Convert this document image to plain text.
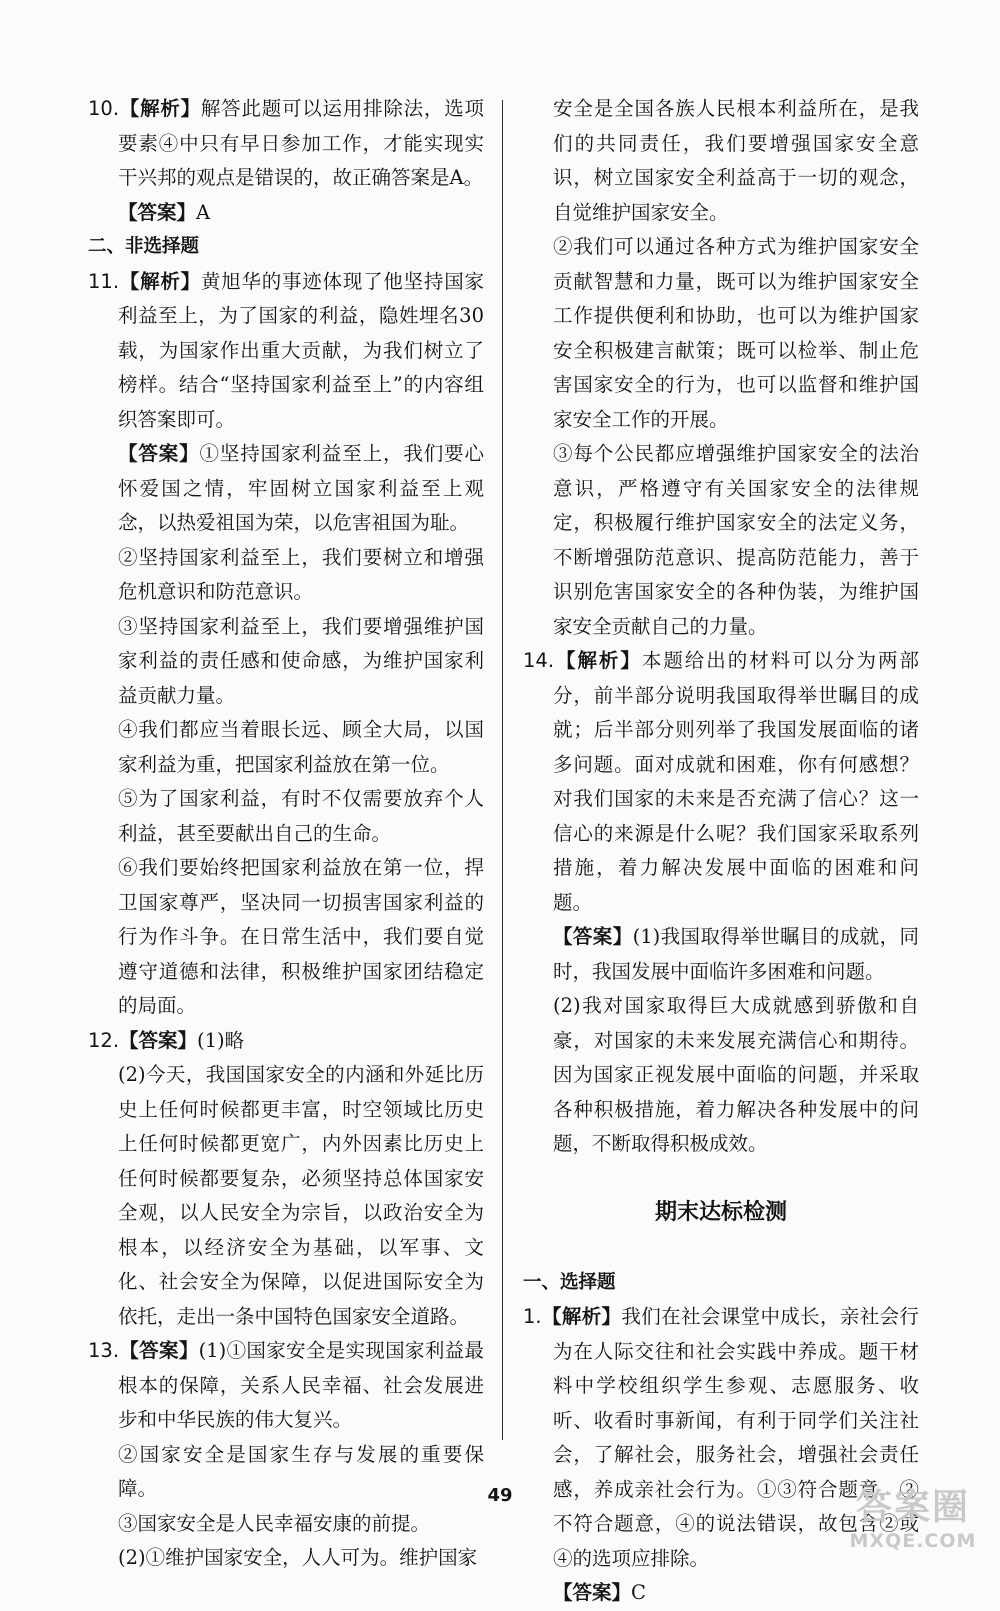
10.【解析】解答此题可以运用排除法，选项要素④中只有早日参加工作，才能实现实干兴邦的观点是错误的，故正确答案是A。

【答案】A

二、非选择题

11.【解析】黄旭华的事迹体现了他坚持国家利益至上，为了国家的利益，隐姓埋名30载，为国家作出重大贡献，为我们树立了榜样。结合“坚持国家利益至上”的内容组织答案即可。

【答案】①坚持国家利益至上，我们要心怀爱国之情，牢固树立国家利益至上观念，以热爱祖国为荣，以危害祖国为耻。

②坚持国家利益至上，我们要树立和增强危机意识和防范意识。

③坚持国家利益至上，我们要增强维护国家利益的责任感和使命感，为维护国家利益贡献力量。

④我们都应当着眼长远、顾全大局，以国家利益为重，把国家利益放在第一位。

⑤为了国家利益，有时不仅需要放弃个人利益，甚至要献出自己的生命。

⑥我们要始终把国家利益放在第一位，捍卫国家尊严，坚决同一切损害国家利益的行为作斗争。在日常生活中，我们要自觉遵守道德和法律，积极维护国家团结稳定的局面。

12.【答案】(1)略

(2)今天，我国国家安全的内涵和外延比历史上任何时候都更丰富，时空领域比历史上任何时候都更宽广，内外因素比历史上任何时候都要复杂，必须坚持总体国家安全观，以人民安全为宗旨，以政治安全为根本，以经济安全为基础，以军事、文化、社会安全为保障，以促进国际安全为依托，走出一条中国特色国家安全道路。

13.【答案】(1)①国家安全是实现国家利益最根本的保障，关系人民幸福、社会发展进步和中华民族的伟大复兴。

②国家安全是国家生存与发展的重要保障。

③国家安全是人民幸福安康的前提。

(2)①维护国家安全，人人可为。维护国家

安全是全国各族人民根本利益所在，是我们的共同责任，我们要增强国家安全意识，树立国家安全利益高于一切的观念，自觉维护国家安全。

②我们可以通过各种方式为维护国家安全贡献智慧和力量，既可以为维护国家安全工作提供便利和协助，也可以为维护国家安全积极建言献策；既可以检举、制止危害国家安全的行为，也可以监督和维护国家安全工作的开展。

③每个公民都应增强维护国家安全的法治意识，严格遵守有关国家安全的法律规定，积极履行维护国家安全的法定义务，不断增强防范意识、提高防范能力，善于识别危害国家安全的各种伪装，为维护国家安全贡献自己的力量。

14.【解析】本题给出的材料可以分为两部分，前半部分说明我国取得举世瞩目的成就；后半部分则列举了我国发展面临的诸多问题。面对成就和困难，你有何感想？对我们国家的未来是否充满了信心？这一信心的来源是什么呢？我们国家采取系列措施，着力解决发展中面临的困难和问题。

【答案】(1)我国取得举世瞩目的成就，同时，我国发展中面临许多困难和问题。

(2)我对国家取得巨大成就感到骄傲和自豪，对国家的未来发展充满信心和期待。因为国家正视发展中面临的问题，并采取各种积极措施，着力解决各种发展中的问题，不断取得积极成效。

期末达标检测

一、选择题

1.【解析】我们在社会课堂中成长，亲社会行为在人际交往和社会实践中养成。题干材料中学校组织学生参观、志愿服务、收听、收看时事新闻，有利于同学们关注社会，了解社会，服务社会，增强社会责任感，养成亲社会行为。①③符合题意，②不符合题意，④的说法错误，故包含②或④的选项应排除。

【答案】C

49	答案圈
MXQE.COM
